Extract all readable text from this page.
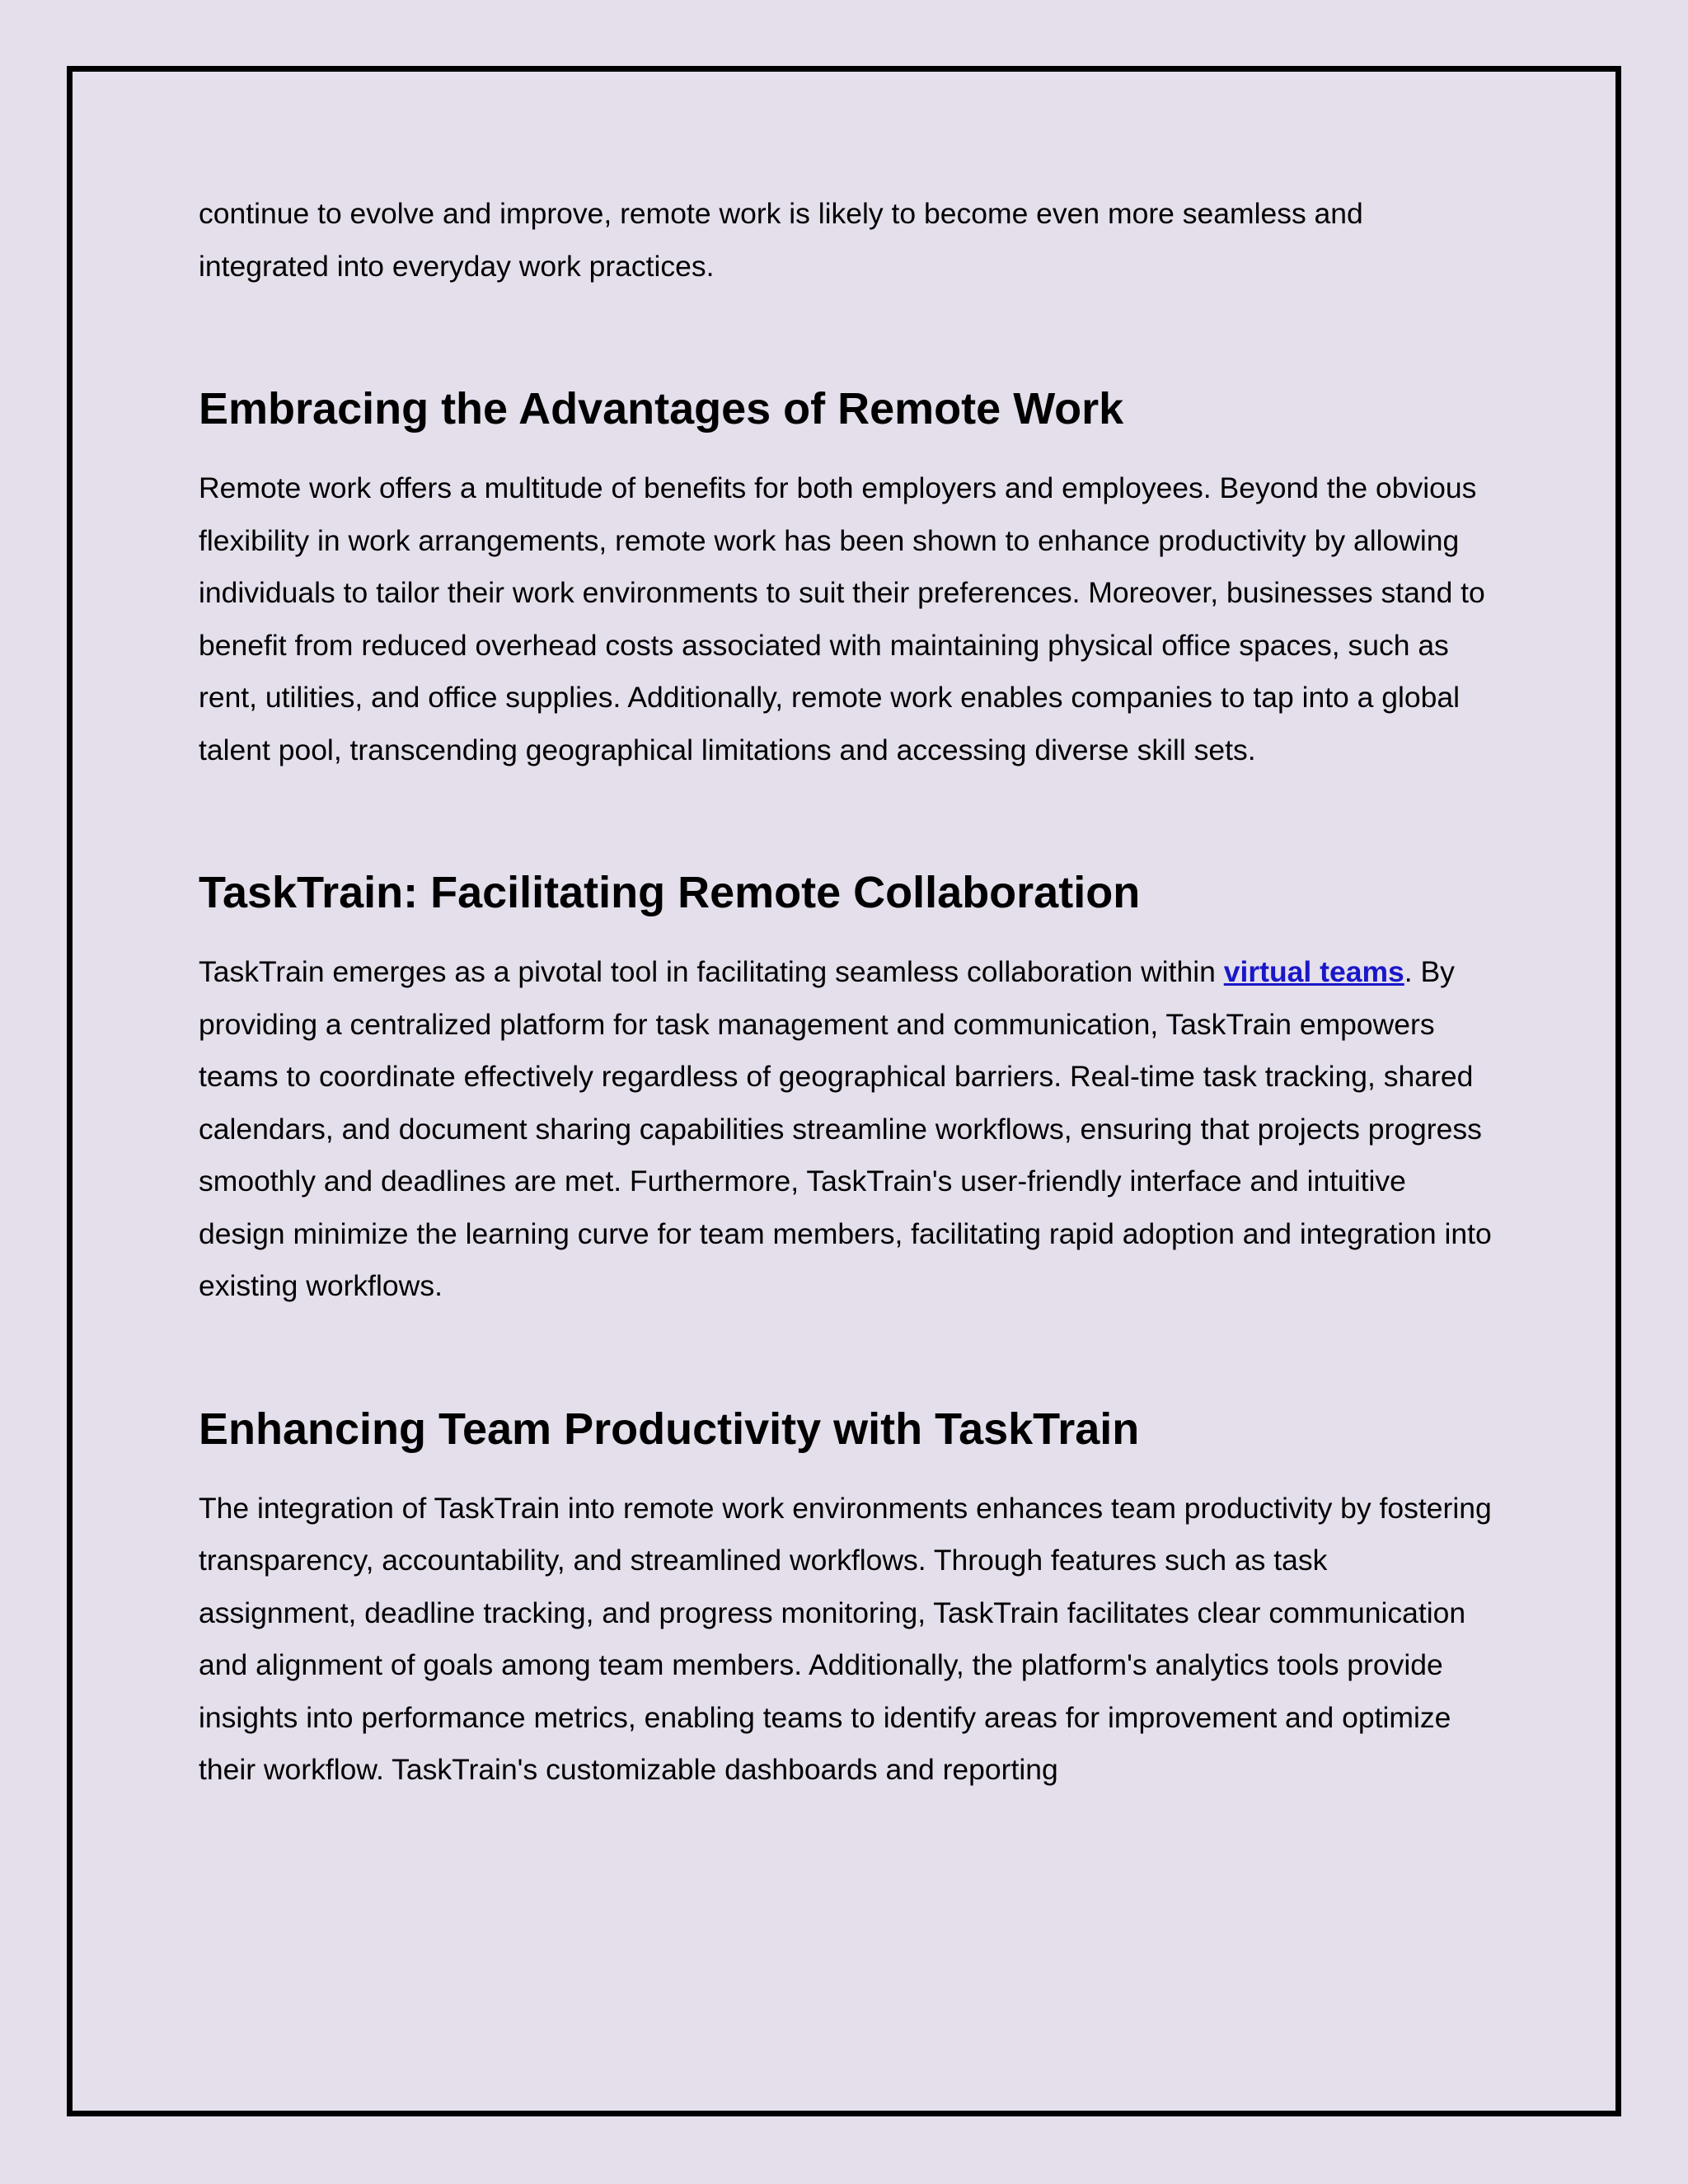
continue to evolve and improve, remote work is likely to become even more seamless and integrated into everyday work practices.

Embracing the Advantages of Remote Work

Remote work offers a multitude of benefits for both employers and employees. Beyond the obvious flexibility in work arrangements, remote work has been shown to enhance productivity by allowing individuals to tailor their work environments to suit their preferences. Moreover, businesses stand to benefit from reduced overhead costs associated with maintaining physical office spaces, such as rent, utilities, and office supplies. Additionally, remote work enables companies to tap into a global talent pool, transcending geographical limitations and accessing diverse skill sets.

TaskTrain: Facilitating Remote Collaboration

TaskTrain emerges as a pivotal tool in facilitating seamless collaboration within virtual teams. By providing a centralized platform for task management and communication, TaskTrain empowers teams to coordinate effectively regardless of geographical barriers. Real-time task tracking, shared calendars, and document sharing capabilities streamline workflows, ensuring that projects progress smoothly and deadlines are met. Furthermore, TaskTrain's user-friendly interface and intuitive design minimize the learning curve for team members, facilitating rapid adoption and integration into existing workflows.

Enhancing Team Productivity with TaskTrain

The integration of TaskTrain into remote work environments enhances team productivity by fostering transparency, accountability, and streamlined workflows. Through features such as task assignment, deadline tracking, and progress monitoring, TaskTrain facilitates clear communication and alignment of goals among team members. Additionally, the platform's analytics tools provide insights into performance metrics, enabling teams to identify areas for improvement and optimize their workflow. TaskTrain's customizable dashboards and reporting
